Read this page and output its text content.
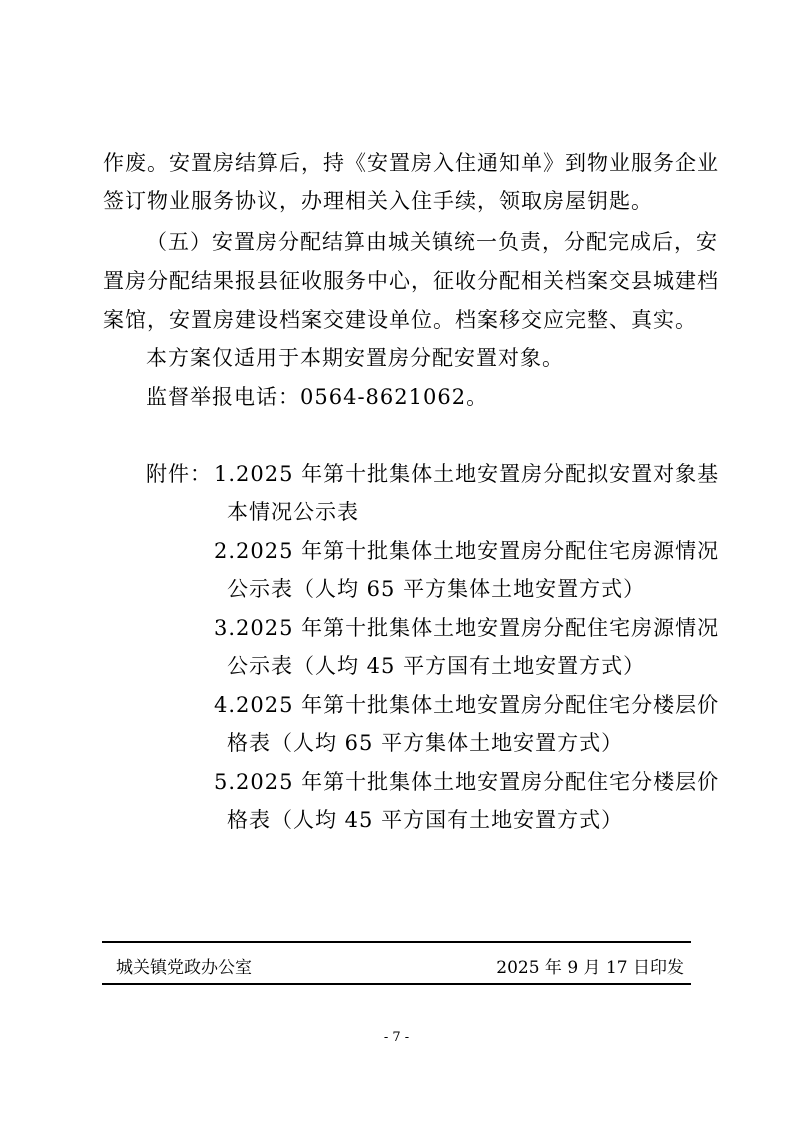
作废。安置房结算后，持《安置房入住通知单》到物业服务企业
签订物业服务协议，办理相关入住手续，领取房屋钥匙。
（五）安置房分配结算由城关镇统一负责，分配完成后，安
置房分配结果报县征收服务中心，征收分配相关档案交县城建档
案馆，安置房建设档案交建设单位。档案移交应完整、真实。
本方案仅适用于本期安置房分配安置对象。
监督举报电话：0564-8621062。
附件： 1.2025 年第十批集体土地安置房分配拟安置对象基
本情况公示表
2.2025 年第十批集体土地安置房分配住宅房源情况
公示表（人均 65 平方集体土地安置方式）
3.2025 年第十批集体土地安置房分配住宅房源情况
公示表（人均 45 平方国有土地安置方式）
4.2025 年第十批集体土地安置房分配住宅分楼层价
格表（人均 65 平方集体土地安置方式）
5.2025 年第十批集体土地安置房分配住宅分楼层价
格表（人均 45 平方国有土地安置方式）
城关镇党政办公室	2025 年 9 月 17 日印发
- 7 -
